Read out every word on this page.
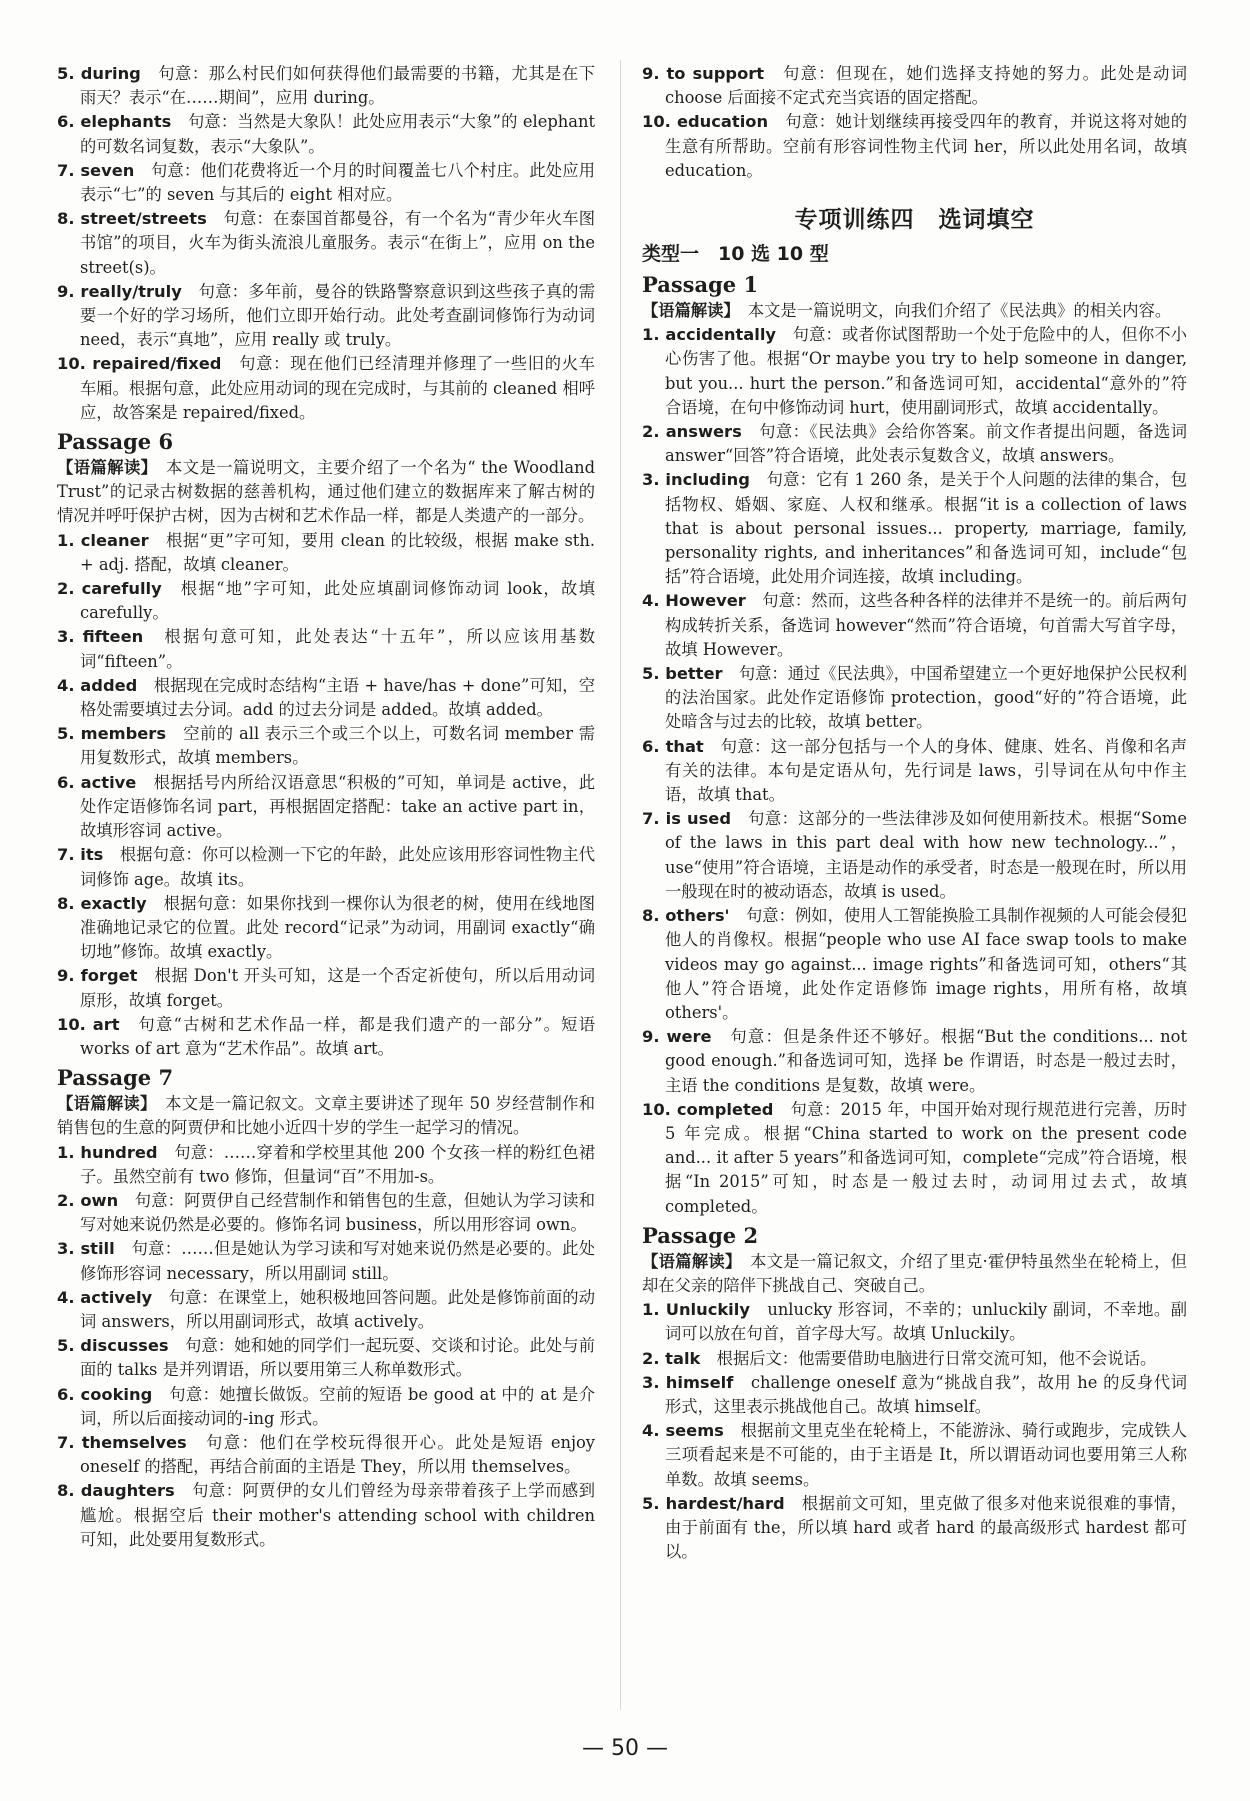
5. during　句意：那么村民们如何获得他们最需要的书籍，尤其是在下雨天？表示“在……期间”，应用 during。
6. elephants　句意：当然是大象队！此处应用表示“大象”的 elephant 的可数名词复数，表示“大象队”。
7. seven　句意：他们花费将近一个月的时间覆盖七八个村庄。此处应用表示“七”的 seven 与其后的 eight 相对应。
8. street/streets　句意：在泰国首都曼谷，有一个名为“青少年火车图书馆”的项目，火车为街头流浪儿童服务。表示“在街上”，应用 on the street(s)。
9. really/truly　句意：多年前，曼谷的铁路警察意识到这些孩子真的需要一个好的学习场所，他们立即开始行动。此处考查副词修饰行为动词 need，表示“真地”，应用 really 或 truly。
10. repaired/fixed　句意：现在他们已经清理并修理了一些旧的火车车厢。根据句意，此处应用动词的现在完成时，与其前的 cleaned 相呼应，故答案是 repaired/fixed。
Passage 6
【语篇解读】　本文是一篇说明文，主要介绍了一个名为“ the Woodland Trust”的记录古树数据的慈善机构，通过他们建立的数据库来了解古树的情况并呼吁保护古树，因为古树和艺术作品一样，都是人类遗产的一部分。
1. cleaner　根据“更”字可知，要用 clean 的比较级，根据 make sth. + adj. 搭配，故填 cleaner。
2. carefully　根据“地”字可知，此处应填副词修饰动词 look，故填 carefully。
3. fifteen　根据句意可知，此处表达“十五年”，所以应该用基数词“fifteen”。
4. added　根据现在完成时态结构“主语 + have/has + done”可知，空格处需要填过去分词。add 的过去分词是 added。故填 added。
5. members　空前的 all 表示三个或三个以上，可数名词 member 需用复数形式，故填 members。
6. active　根据括号内所给汉语意思“积极的”可知，单词是 active，此处作定语修饰名词 part，再根据固定搭配：take an active part in，故填形容词 active。
7. its　根据句意：你可以检测一下它的年龄，此处应该用形容词性物主代词修饰 age。故填 its。
8. exactly　根据句意：如果你找到一棵你认为很老的树，使用在线地图准确地记录它的位置。此处 record“记录”为动词，用副词 exactly“确切地”修饰。故填 exactly。
9. forget　根据 Don't 开头可知，这是一个否定祈使句，所以后用动词原形，故填 forget。
10. art　句意“古树和艺术作品一样，都是我们遗产的一部分”。短语 works of art 意为“艺术作品”。故填 art。
Passage 7
【语篇解读】　本文是一篇记叙文。文章主要讲述了现年 50 岁经营制作和销售包的生意的阿贾伊和比她小近四十岁的学生一起学习的情况。
1. hundred　句意：……穿着和学校里其他 200 个女孩一样的粉红色裙子。虽然空前有 two 修饰，但量词“百”不用加-s。
2. own　句意：阿贾伊自己经营制作和销售包的生意，但她认为学习读和写对她来说仍然是必要的。修饰名词 business，所以用形容词 own。
3. still　句意：……但是她认为学习读和写对她来说仍然是必要的。此处修饰形容词 necessary，所以用副词 still。
4. actively　句意：在课堂上，她积极地回答问题。此处是修饰前面的动词 answers，所以用副词形式，故填 actively。
5. discusses　句意：她和她的同学们一起玩耍、交谈和讨论。此处与前面的 talks 是并列谓语，所以要用第三人称单数形式。
6. cooking　句意：她擅长做饭。空前的短语 be good at 中的 at 是介词，所以后面接动词的-ing 形式。
7. themselves　句意：他们在学校玩得很开心。此处是短语 enjoy oneself 的搭配，再结合前面的主语是 They，所以用 themselves。
8. daughters　句意：阿贾伊的女儿们曾经为母亲带着孩子上学而感到尴尬。根据空后 their mother's attending school with children 可知，此处要用复数形式。
9. to support　句意：但现在，她们选择支持她的努力。此处是动词 choose 后面接不定式充当宾语的固定搭配。
10. education　句意：她计划继续再接受四年的教育，并说这将对她的生意有所帮助。空前有形容词性物主代词 her，所以此处用名词，故填 education。
专项训练四　选词填空
类型一　10 选 10 型
Passage 1
【语篇解读】　本文是一篇说明文，向我们介绍了《民法典》的相关内容。
1. accidentally　句意：或者你试图帮助一个处于危险中的人，但你不小心伤害了他。根据“Or maybe you try to help someone in danger, but you... hurt the person.”和备选词可知，accidental“意外的”符合语境，在句中修饰动词 hurt，使用副词形式，故填 accidentally。
2. answers　句意：《民法典》会给你答案。前文作者提出问题，备选词 answer“回答”符合语境，此处表示复数含义，故填 answers。
3. including　句意：它有 1 260 条，是关于个人问题的法律的集合，包括物权、婚姻、家庭、人权和继承。根据“it is a collection of laws that is about personal issues... property, marriage, family, personality rights, and inheritances”和备选词可知，include“包括”符合语境，此处用介词连接，故填 including。
4. However　句意：然而，这些各种各样的法律并不是统一的。前后两句构成转折关系，备选词 however“然而”符合语境，句首需大写首字母，故填 However。
5. better　句意：通过《民法典》，中国希望建立一个更好地保护公民权利的法治国家。此处作定语修饰 protection，good“好的”符合语境，此处暗含与过去的比较，故填 better。
6. that　句意：这一部分包括与一个人的身体、健康、姓名、肖像和名声有关的法律。本句是定语从句，先行词是 laws，引导词在从句中作主语，故填 that。
7. is used　句意：这部分的一些法律涉及如何使用新技术。根据“Some of the laws in this part deal with how new technology...”，use“使用”符合语境，主语是动作的承受者，时态是一般现在时，所以用一般现在时的被动语态，故填 is used。
8. others'　句意：例如，使用人工智能换脸工具制作视频的人可能会侵犯他人的肖像权。根据“people who use AI face swap tools to make videos may go against... image rights”和备选词可知，others“其他人”符合语境，此处作定语修饰 image rights，用所有格，故填 others'。
9. were　句意：但是条件还不够好。根据“But the conditions... not good enough.”和备选词可知，选择 be 作谓语，时态是一般过去时，主语 the conditions 是复数，故填 were。
10. completed　句意：2015 年，中国开始对现行规范进行完善，历时 5 年完成。根据“China started to work on the present code and... it after 5 years”和备选词可知，complete“完成”符合语境，根据“In 2015”可知，时态是一般过去时，动词用过去式，故填 completed。
Passage 2
【语篇解读】　本文是一篇记叙文，介绍了里克·霍伊特虽然坐在轮椅上，但却在父亲的陪伴下挑战自己、突破自己。
1. Unluckily　unlucky 形容词，不幸的；unluckily 副词，不幸地。副词可以放在句首，首字母大写。故填 Unluckily。
2. talk　根据后文：他需要借助电脑进行日常交流可知，他不会说话。
3. himself　challenge oneself 意为“挑战自我”，故用 he 的反身代词形式，这里表示挑战他自己。故填 himself。
4. seems　根据前文里克坐在轮椅上，不能游泳、骑行或跑步，完成铁人三项看起来是不可能的，由于主语是 It，所以谓语动词也要用第三人称单数。故填 seems。
5. hardest/hard　根据前文可知，里克做了很多对他来说很难的事情，由于前面有 the，所以填 hard 或者 hard 的最高级形式 hardest 都可以。
— 50 —
